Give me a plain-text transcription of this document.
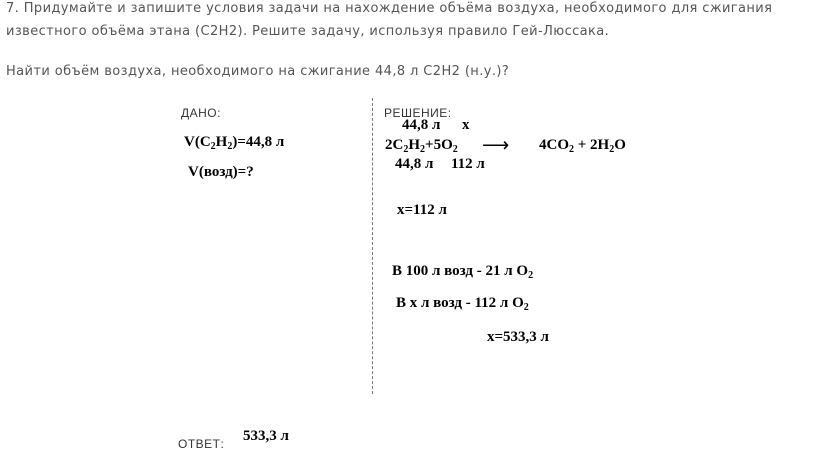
7. Придумайте и запишите условия задачи на нахождение объёма воздуха, необходимого для сжигания
известного объёма этана (С2Н2). Решите задачу, используя правило Гей-Люссака.
Найти объём воздуха, необходимого на сжигание 44,8 л С2Н2 (н.у.)?
ДАНО:
$V(C_2H_2)=44,8$ л
V(возд)=?
РЕШЕНИЕ:
44,8 л x
$2C_2H_2+5O_2$ ⟶ $4CO_2 + 2H_2O$
44,8 л 112 л
x=112 л
В 100 л возд - 21 л $O_2$
В x л возд - 112 л $O_2$
x=533,3 л
ОТВЕТ: 533,3 л
